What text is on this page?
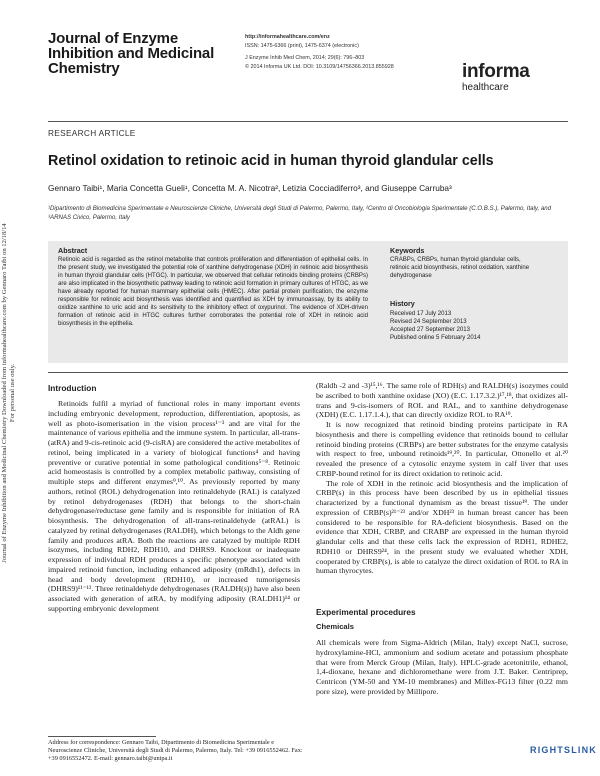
Journal of Enzyme Inhibition and Medicinal Chemistry Downloaded from informahealthcare.com by Gennaro Taibi on 12/18/14 For personal use only.
Journal of Enzyme Inhibition and Medicinal Chemistry
http://informahealthcare.com/enz
ISSN: 1475-6366 (print), 1475-6374 (electronic)
J Enzyme Inhib Med Chem, 2014; 29(6): 796–803
© 2014 Informa UK Ltd. DOI: 10.3109/14756366.2013.855928	informa
healthcare
RESEARCH ARTICLE
Retinol oxidation to retinoic acid in human thyroid glandular cells
Gennaro Taibi¹, Maria Concetta Gueli¹, Concetta M. A. Nicotra², Letizia Cocciadiferro³, and Giuseppe Carruba³
¹Dipartimento di Biomedicina Sperimentale e Neuroscienze Cliniche, Università degli Studi di Palermo, Palermo, Italy, ²Centro di Oncobiologia Sperimentale (C.O.B.S.), Palermo, Italy, and ³ARNAS Civico, Palermo, Italy
Abstract
Retinoic acid is regarded as the retinol metabolite that controls proliferation and differentiation of epithelial cells. In the present study, we investigated the potential role of xanthine dehydrogenase (XDH) in retinoic acid biosynthesis in human thyroid glandular cells (HTGC). In particular, we observed that cellular retinoids binding proteins (CRBPs) are also implicated in the biosynthetic pathway leading to retinoic acid formation in primary cultures of HTGC, as we have already reported for human mammary epithelial cells (HMEC). After partial protein purification, the enzyme responsible for retinoic acid biosynthesis was identified and quantified as XDH by immunoassay, by its ability to oxidize xanthine to uric acid and its sensitivity to the inhibitory effect of oxypurinol. The evidence of XDH-driven formation of retinoic acid in HTGC cultures further corroborates the potential role of XDH in retinoic acid biosynthesis in the epithelia.
Keywords
CRABPs, CRBPs, human thyroid glandular cells, retinoic acid biosynthesis, retinol oxidation, xanthine dehydrogenase
History
Received 17 July 2013
Revised 24 September 2013
Accepted 27 September 2013
Published online 5 February 2014
Introduction

Retinoids fulfil a myriad of functional roles in many important events including embryonic development, reproduction, differentiation, apoptosis, as well as photo-isomerisation in the vision process¹⁻³ and are vital for the maintenance of various epithelia and the immune system. In particular, all-trans- (atRA) and 9-cis-retinoic acid (9-cisRA) are considered the active metabolites of retinol, being implicated in a variety of biological functions⁴ and having preventive or curative potential in some pathological conditions⁵⁻⁸. Retinoic acid homeostasis is controlled by a complex metabolic pathway, consisting of multiple steps and different enzymes⁹,¹⁰. As previously reported by many authors, retinol (ROL) dehydrogenation into retinaldehyde (RAL) is catalyzed by retinol dehydrogenases (RDH) that belongs to the short-chain dehydrogenase/reductase gene family and is responsible for initiation of RA biosynthesis. The dehydrogenation of all-trans-retinaldehyde (atRAL) is catalyzed by retinal dehydrogenases (RALDH), which belongs to the Aldh gene family and produces atRA. Both the reactions are catalyzed by multiple RDH isozymes, including RDH2, RDH10, and DHRS9. Knockout or inadequate expression of individual RDH produces a specific phenotype associated with impaired retinoid function, including enhanced adiposity (mRdh1), defects in head and body development (RDH10), or increased tumorigenesis (DHRS9)¹¹⁻¹³. Three retinaldehyde dehydrogenases (RALDH(s)) have also been associated with generation of atRA, by modifying adiposity (RALDH1)¹⁴ or supporting embryonic development

(Raldh -2 and -3)¹⁵,¹⁶. The same role of RDH(s) and RALDH(s) isozymes could be ascribed to both xanthine oxidase (XO) (E.C. 1.17.3.2.)¹⁷,¹⁸, that oxidizes all-trans and 9-cis-isomers of ROL and RAL, and to xanthine dehydrogenase (XDH) (E.C. 1.17.1.4.), that can directly oxidize ROL to RA¹⁹.

It is now recognized that retinoid binding proteins participate in RA biosynthesis and there is compelling evidence that retinoids bound to cellular retinoid binding proteins (CRBPs) are better substrates for the enzyme catalysis with respect to free, unbound retinoids¹⁹,²⁰. In particular, Ottonello et al.²⁰ revealed the presence of a cytosolic enzyme system in calf liver that uses CRBP-bound retinol for its direct oxidation to retinoic acid.

The role of XDH in the retinoic acid biosynthesis and the implication of CRBP(s) in this process have been described by us in epithelial tissues characterized by a functional dynamism as the breast tissue¹⁹. The under expression of CRBP(s)²¹⁻²³ and/or XDH²³ in human breast cancer has been considered to be responsible for RA-deficient biosynthesis. Based on the evidence that XDH, CRBP, and CRABP are expressed in the human thyroid glandular cells and that these cells lack the expression of RDH1, RDHE2, RDH10 or DHRS9²⁴, in the present study we evaluated whether XDH, cooperated by CRBP(s), is able to catalyze the direct oxidation of ROL to RA in human thyrocytes.

Experimental procedures
Chemicals
All chemicals were from Sigma-Aldrich (Milan, Italy) except NaCl, sucrose, hydroxylamine-HCl, ammonium and sodium acetate and potassium phosphate that were from Merck Group (Milan, Italy). HPLC-grade acetonitrile, ethanol, 1,4-dioxane, hexane and dichloromethane were from J.T. Baker. Centriprep, Centricon (YM-50 and YM-10 membranes) and Millex-FG13 filter (0.22 mm pore size), were provided by Millipore.
Address for correspondence: Gennaro Taibi, Dipartimento di Biomedicina Sperimentale e Neuroscienze Cliniche, Università degli Studi di Palermo, Palermo, Italy. Tel: +39 0916552462. Fax: +39 0916552472. E-mail: gennaro.taibi@unipa.it
RIGHTSLINK
